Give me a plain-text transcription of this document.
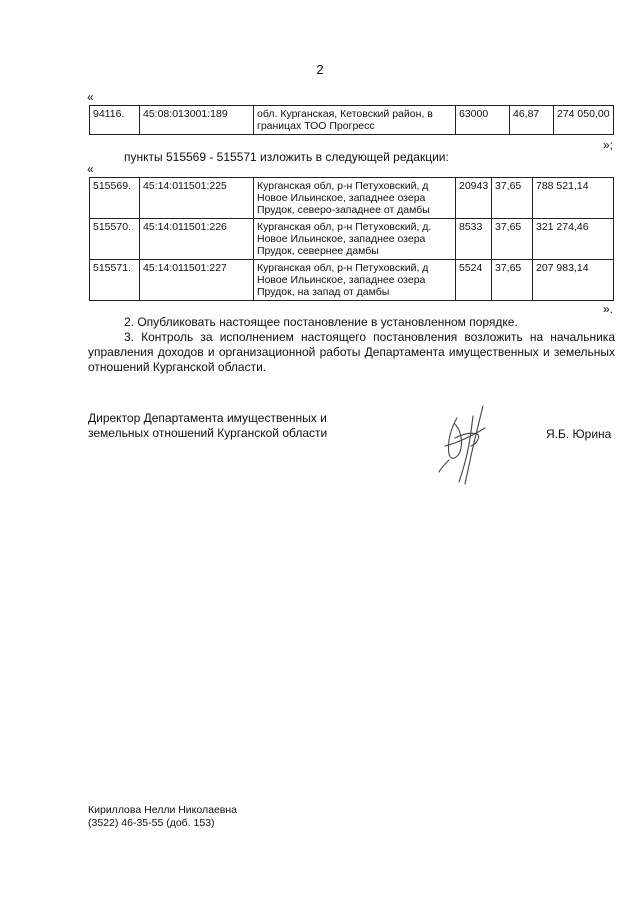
2
«
94116.	45:08:013001:189	обл. Курганская, Кетовский район, в границах ТОО Прогресс	63000	46,87	274 050,00
»;
пункты 515569 - 515571 изложить в следующей редакции:
«
515569.	45:14:011501:225	Курганская обл, р-н Петуховский, д Новое Ильинское, западнее озера Прудок, северо-западнее от дамбы	20943	37,65	788 521,14
515570.	45:14:011501:226	Курганская обл, р-н Петуховский, д. Новое Ильинское, западнее озера Прудок, севернее дамбы	8533	37,65	321 274,46
515571.	45:14:011501:227	Курганская обл, р-н Петуховский, д Новое Ильинское, западнее озера Прудок, на запад от дамбы	5524	37,65	207 983,14
».
2. Опубликовать настоящее постановление в установленном порядке.
3. Контроль за исполнением настоящего постановления возложить на начальника управления доходов и организационной работы Департамента имущественных и земельных отношений Курганской области.
Директор Департамента имущественных и
земельных отношений Курганской области	Я.Б. Юрина
Кириллова Нелли Николаевна
(3522) 46-35-55 (доб. 153)
